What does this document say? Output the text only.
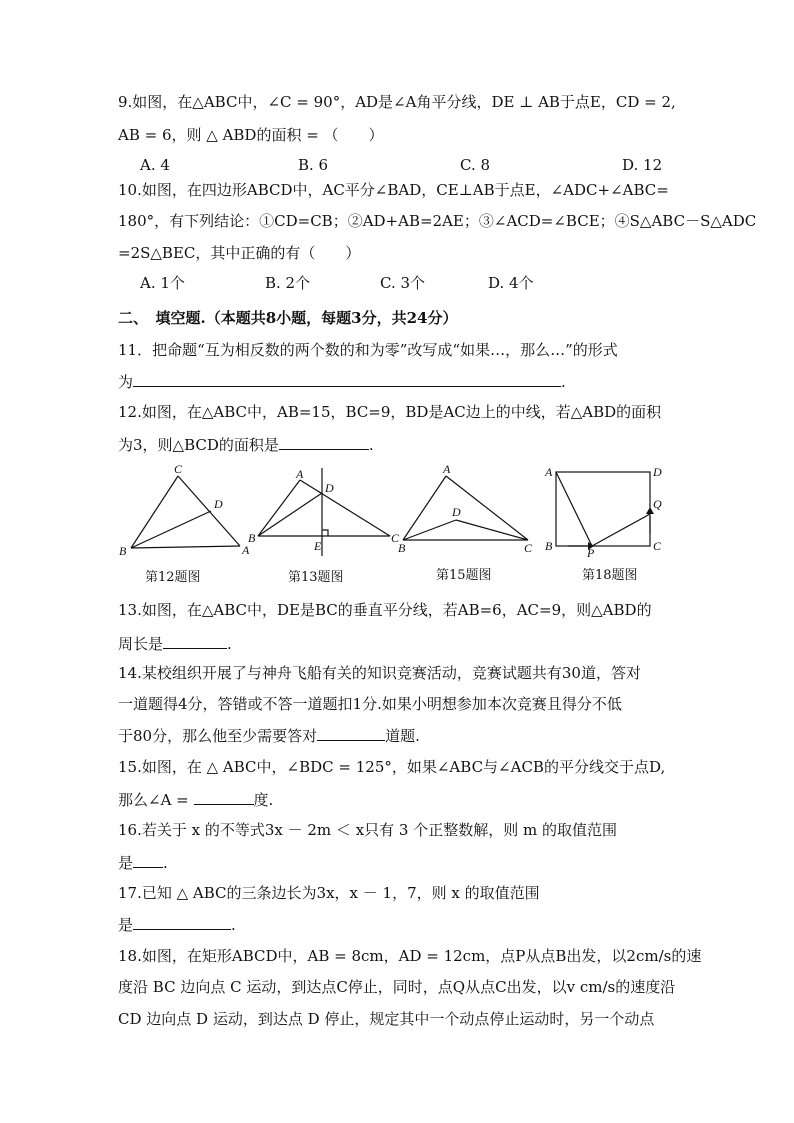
9.如图，在△ABC中，∠C = 90°，AD是∠A角平分线，DE ⊥ AB于点E，CD = 2,
AB = 6，则 △ ABD的面积 = （　　）
A. 4	B. 6	C. 8	D. 12
10.如图，在四边形ABCD中，AC平分∠BAD，CE⊥AB于点E，∠ADC+∠ABC=
180°，有下列结论：①CD=CB；②AD+AB=2AE；③∠ACD=∠BCE；④S△ABC－S△ADC
=2S△BEC，其中正确的有（　　）
A. 1个	B. 2个	C. 3个	D. 4个
二、　填空题.（本题共8小题，每题3分，共24分）
11．把命题“互为相反数的两个数的和为零”改写成“如果…，那么…”的形式
为	.
12.如图，在△ABC中，AB=15，BC=9，BD是AC边上的中线，若△ABD的面积
为3，则△BCD的面积是	.
C
D
B	A
A
D
B	C
E
A
D
B	C
A	D
Q
B	P	C
第12题图	第13题图	第15题图	第18题图
13.如图，在△ABC中，DE是BC的垂直平分线，若AB=6，AC=9，则△ABD的
周长是	.
14.某校组织开展了与神舟飞船有关的知识竞赛活动，竞赛试题共有30道，答对
一道题得4分，答错或不答一道题扣1分.如果小明想参加本次竞赛且得分不低
于80分，那么他至少需要答对	道题.
15.如图，在 △ ABC中，∠BDC = 125°，如果∠ABC与∠ACB的平分线交于点D,
那么∠A =	度.
16.若关于 x 的不等式3x － 2m ＜ x只有 3 个正整数解，则 m 的取值范围
是 .
17.已知 △ ABC的三条边长为3x，x － 1，7，则 x 的取值范围
是	.
18.如图，在矩形ABCD中，AB = 8cm，AD = 12cm，点P从点B出发，以2cm/s的速
度沿 BC 边向点 C 运动，到达点C停止，同时，点Q从点C出发，以v cm/s的速度沿
CD 边向点 D 运动，到达点 D 停止，规定其中一个动点停止运动时，另一个动点
